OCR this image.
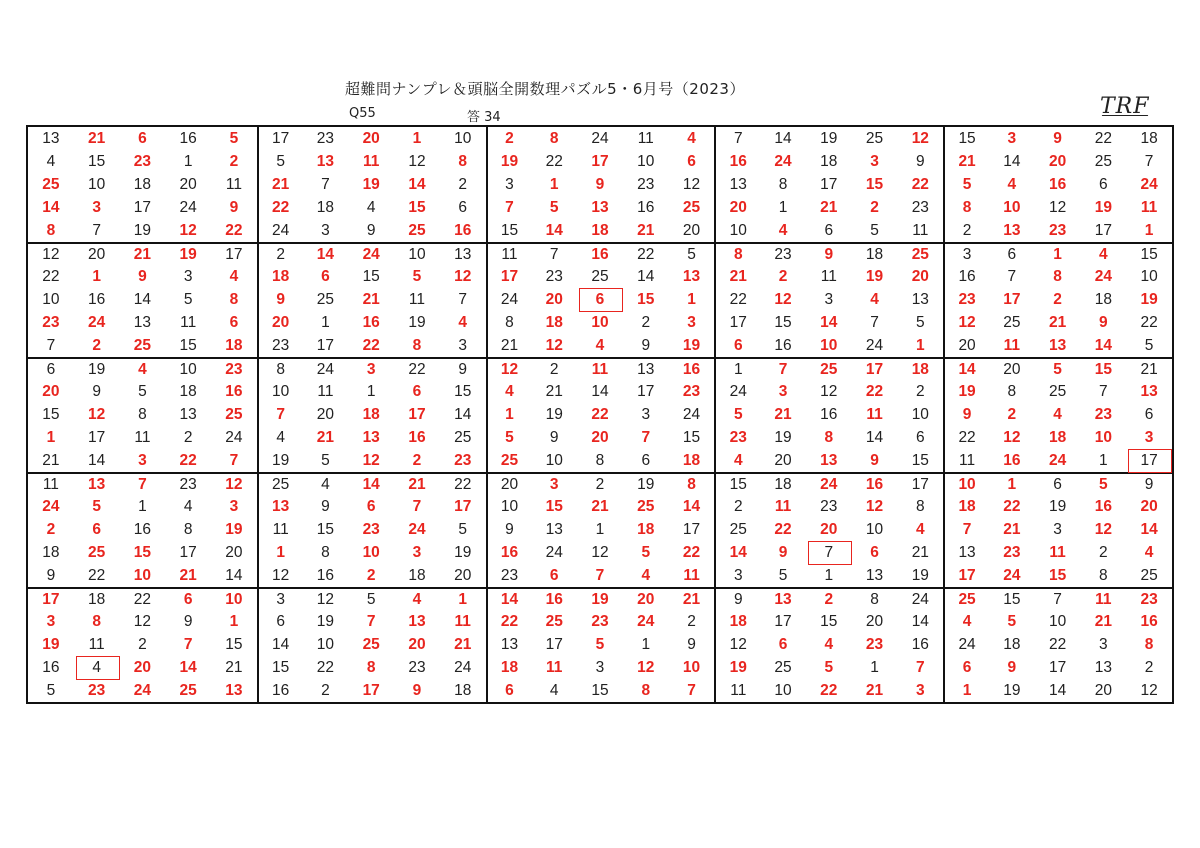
超難問ナンプレ＆頭脳全開数理パズル5・6月号（2023）
Q55	答 34	TRF
13	21	6	16	5	17	23	20	1	10	2	8	24	11	4	7	14	19	25	12	15	3	9	22	18
4	15	23	1	2	5	13	11	12	8	19	22	17	10	6	16	24	18	3	9	21	14	20	25	7
25	10	18	20	11	21	7	19	14	2	3	1	9	23	12	13	8	17	15	22	5	4	16	6	24
14	3	17	24	9	22	18	4	15	6	7	5	13	16	25	20	1	21	2	23	8	10	12	19	11
8	7	19	12	22	24	3	9	25	16	15	14	18	21	20	10	4	6	5	11	2	13	23	17	1
12	20	21	19	17	2	14	24	10	13	11	7	16	22	5	8	23	9	18	25	3	6	1	4	15
22	1	9	3	4	18	6	15	5	12	17	23	25	14	13	21	2	11	19	20	16	7	8	24	10
10	16	14	5	8	9	25	21	11	7	24	20	6	15	1	22	12	3	4	13	23	17	2	18	19
23	24	13	11	6	20	1	16	19	4	8	18	10	2	3	17	15	14	7	5	12	25	21	9	22
7	2	25	15	18	23	17	22	8	3	21	12	4	9	19	6	16	10	24	1	20	11	13	14	5
6	19	4	10	23	8	24	3	22	9	12	2	11	13	16	1	7	25	17	18	14	20	5	15	21
20	9	5	18	16	10	11	1	6	15	4	21	14	17	23	24	3	12	22	2	19	8	25	7	13
15	12	8	13	25	7	20	18	17	14	1	19	22	3	24	5	21	16	11	10	9	2	4	23	6
1	17	11	2	24	4	21	13	16	25	5	9	20	7	15	23	19	8	14	6	22	12	18	10	3
21	14	3	22	7	19	5	12	2	23	25	10	8	6	18	4	20	13	9	15	11	16	24	1	17
11	13	7	23	12	25	4	14	21	22	20	3	2	19	8	15	18	24	16	17	10	1	6	5	9
24	5	1	4	3	13	9	6	7	17	10	15	21	25	14	2	11	23	12	8	18	22	19	16	20
2	6	16	8	19	11	15	23	24	5	9	13	1	18	17	25	22	20	10	4	7	21	3	12	14
18	25	15	17	20	1	8	10	3	19	16	24	12	5	22	14	9	7	6	21	13	23	11	2	4
9	22	10	21	14	12	16	2	18	20	23	6	7	4	11	3	5	1	13	19	17	24	15	8	25
17	18	22	6	10	3	12	5	4	1	14	16	19	20	21	9	13	2	8	24	25	15	7	11	23
3	8	12	9	1	6	19	7	13	11	22	25	23	24	2	18	17	15	20	14	4	5	10	21	16
19	11	2	7	15	14	10	25	20	21	13	17	5	1	9	12	6	4	23	16	24	18	22	3	8
16	4	20	14	21	15	22	8	23	24	18	11	3	12	10	19	25	5	1	7	6	9	17	13	2
5	23	24	25	13	16	2	17	9	18	6	4	15	8	7	11	10	22	21	3	1	19	14	20	12
